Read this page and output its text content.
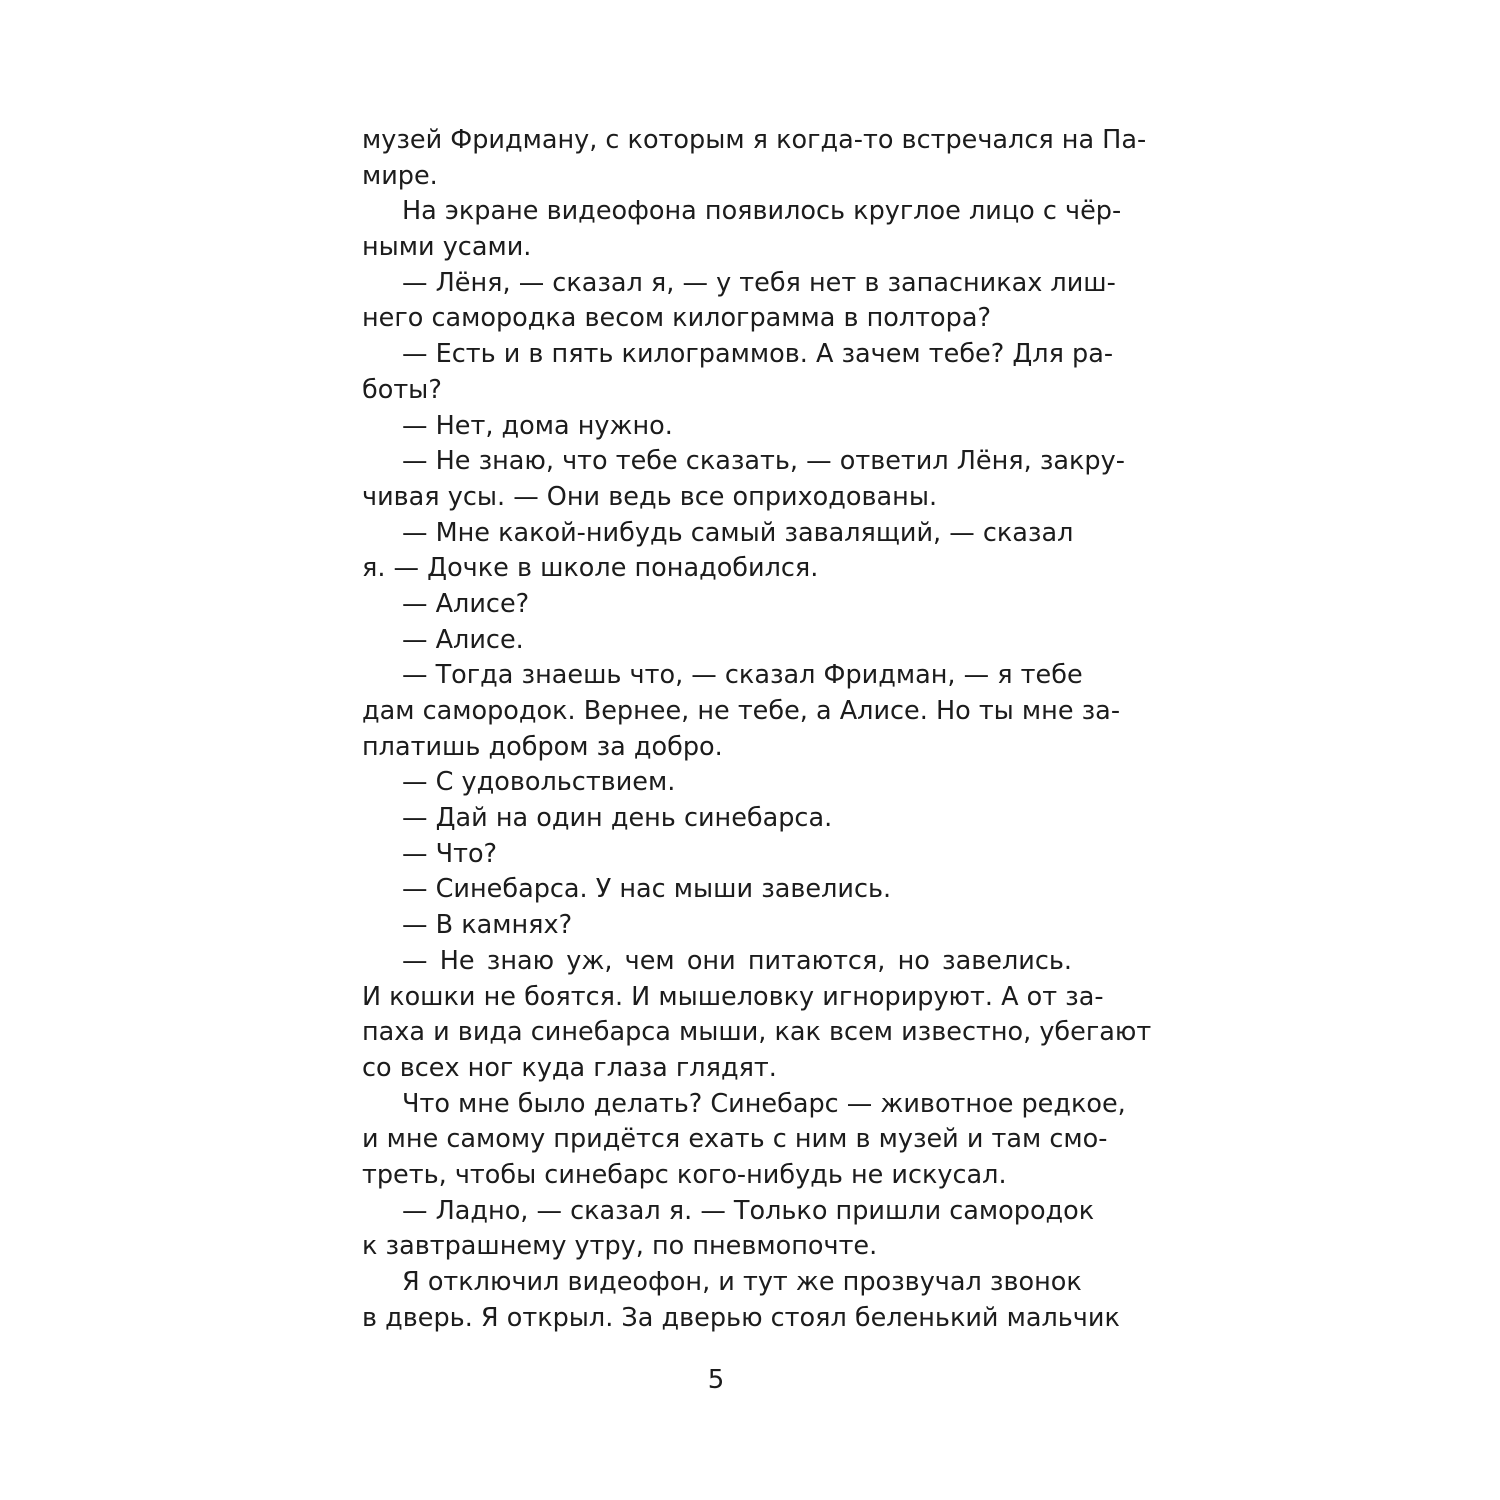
музей Фридману, с которым я когда-то встречался на Па-
мире.
На экране видеофона появилось круглое лицо с чёр-
ными усами.
— Лёня, — сказал я, — у тебя нет в запасниках лиш-
него самородка весом килограмма в полтора?
— Есть и в пять килограммов. А зачем тебе? Для ра-
боты?
— Нет, дома нужно.
— Не знаю, что тебе сказать, — ответил Лёня, закру-
чивая усы. — Они ведь все оприходованы.
— Мне какой-нибудь самый завалящий, — сказал
я. — Дочке в школе понадобился.
— Алисе?
— Алисе.
— Тогда знаешь что, — сказал Фридман, — я тебе
дам самородок. Вернее, не тебе, а Алисе. Но ты мне за-
платишь добром за добро.
— С удовольствием.
— Дай на один день синебарса.
— Что?
— Синебарса. У нас мыши завелись.
— В камнях?
— Не знаю уж, чем они питаются, но завелись.
И кошки не боятся. И мышеловку игнорируют. А от за-
паха и вида синебарса мыши, как всем известно, убегают
со всех ног куда глаза глядят.
Что мне было делать? Синебарс — животное редкое,
и мне самому придётся ехать с ним в музей и там смо-
треть, чтобы синебарс кого-нибудь не искусал.
— Ладно, — сказал я. — Только пришли самородок
к завтрашнему утру, по пневмопочте.
Я отключил видеофон, и тут же прозвучал звонок
в дверь. Я открыл. За дверью стоял беленький мальчик
5
